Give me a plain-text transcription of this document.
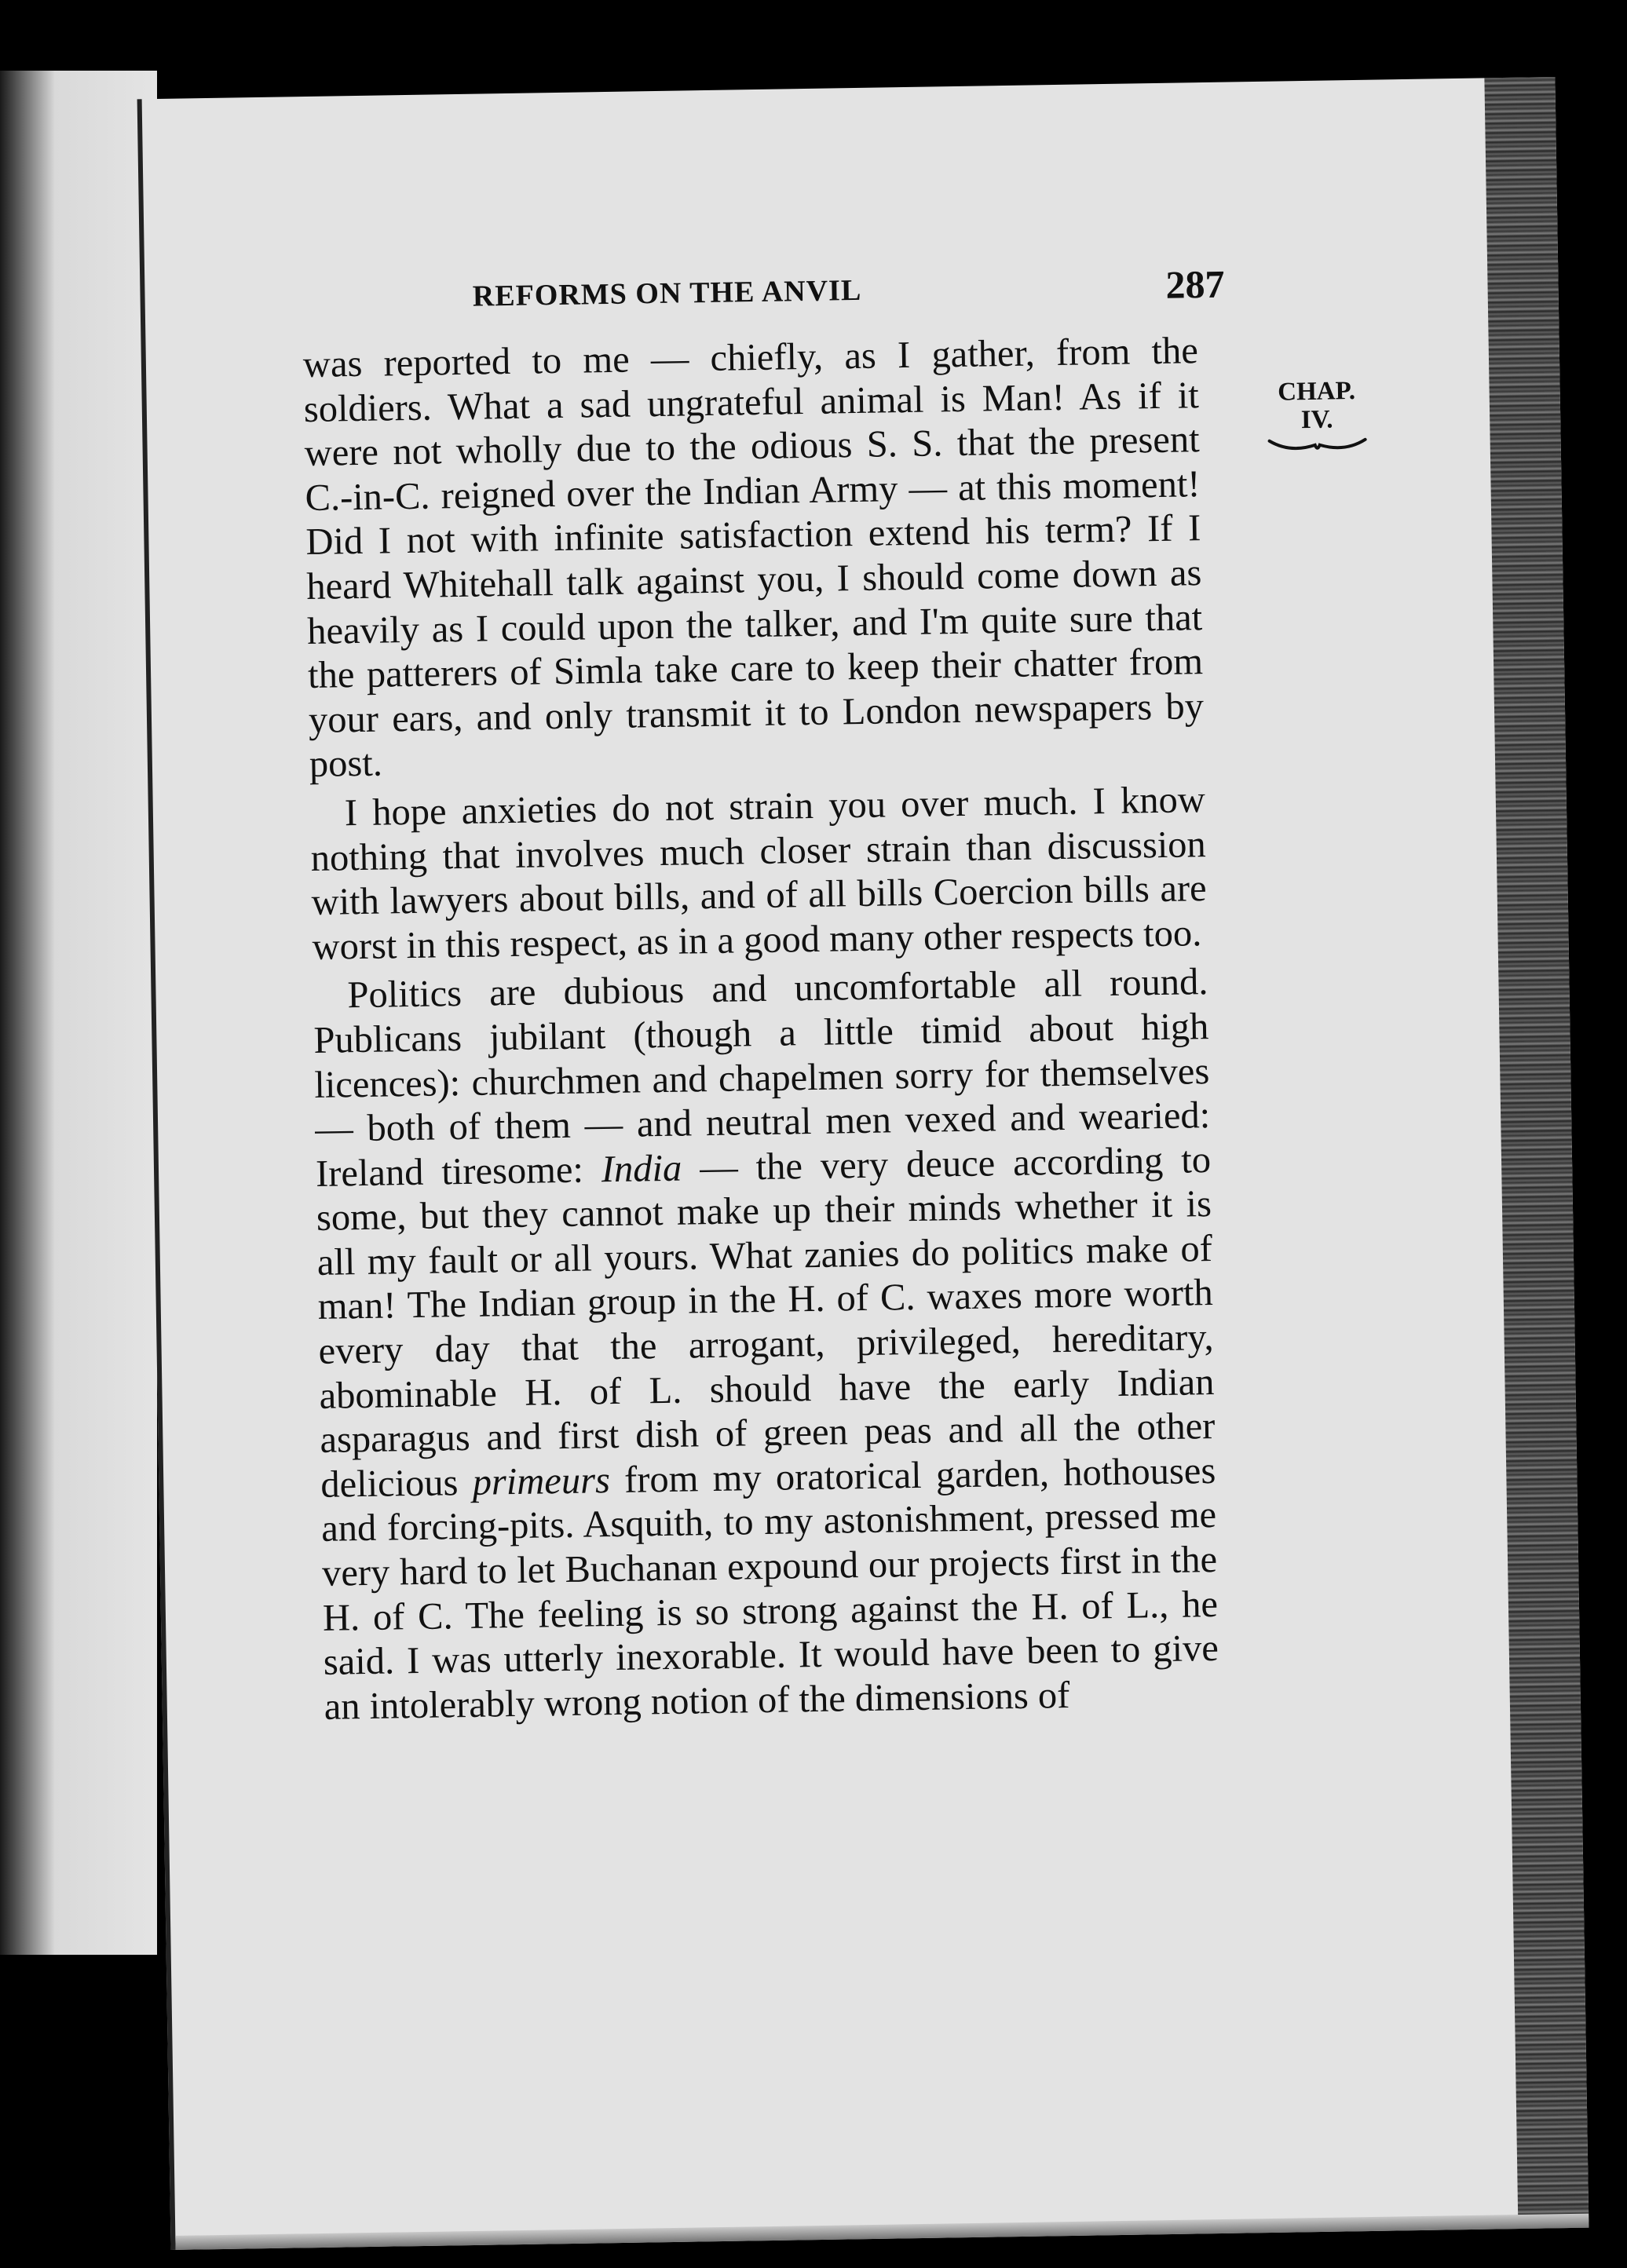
REFORMS ON THE ANVIL	287
CHAP.
IV.

was reported to me — chiefly, as I gather, from the soldiers. What a sad ungrateful animal is Man! As if it were not wholly due to the odious S. S. that the present C.-in-C. reigned over the Indian Army — at this moment! Did I not with infinite satisfaction extend his term? If I heard Whitehall talk against you, I should come down as heavily as I could upon the talker, and I'm quite sure that the patterers of Simla take care to keep their chatter from your ears, and only transmit it to London newspapers by post.

I hope anxieties do not strain you over much. I know nothing that involves much closer strain than discussion with lawyers about bills, and of all bills Coercion bills are worst in this respect, as in a good many other respects too.

Politics are dubious and uncomfortable all round. Publicans jubilant (though a little timid about high licences): churchmen and chapelmen sorry for themselves — both of them — and neutral men vexed and wearied: Ireland tiresome: India — the very deuce according to some, but they cannot make up their minds whether it is all my fault or all yours. What zanies do politics make of man! The Indian group in the H. of C. waxes more worth every day that the arrogant, privileged, hereditary, abominable H. of L. should have the early Indian asparagus and first dish of green peas and all the other delicious primeurs from my oratorical garden, hothouses and forcing-pits. Asquith, to my astonishment, pressed me very hard to let Buchanan expound our projects first in the H. of C. The feeling is so strong against the H. of L., he said. I was utterly inexorable. It would have been to give an intolerably wrong notion of the dimensions of
